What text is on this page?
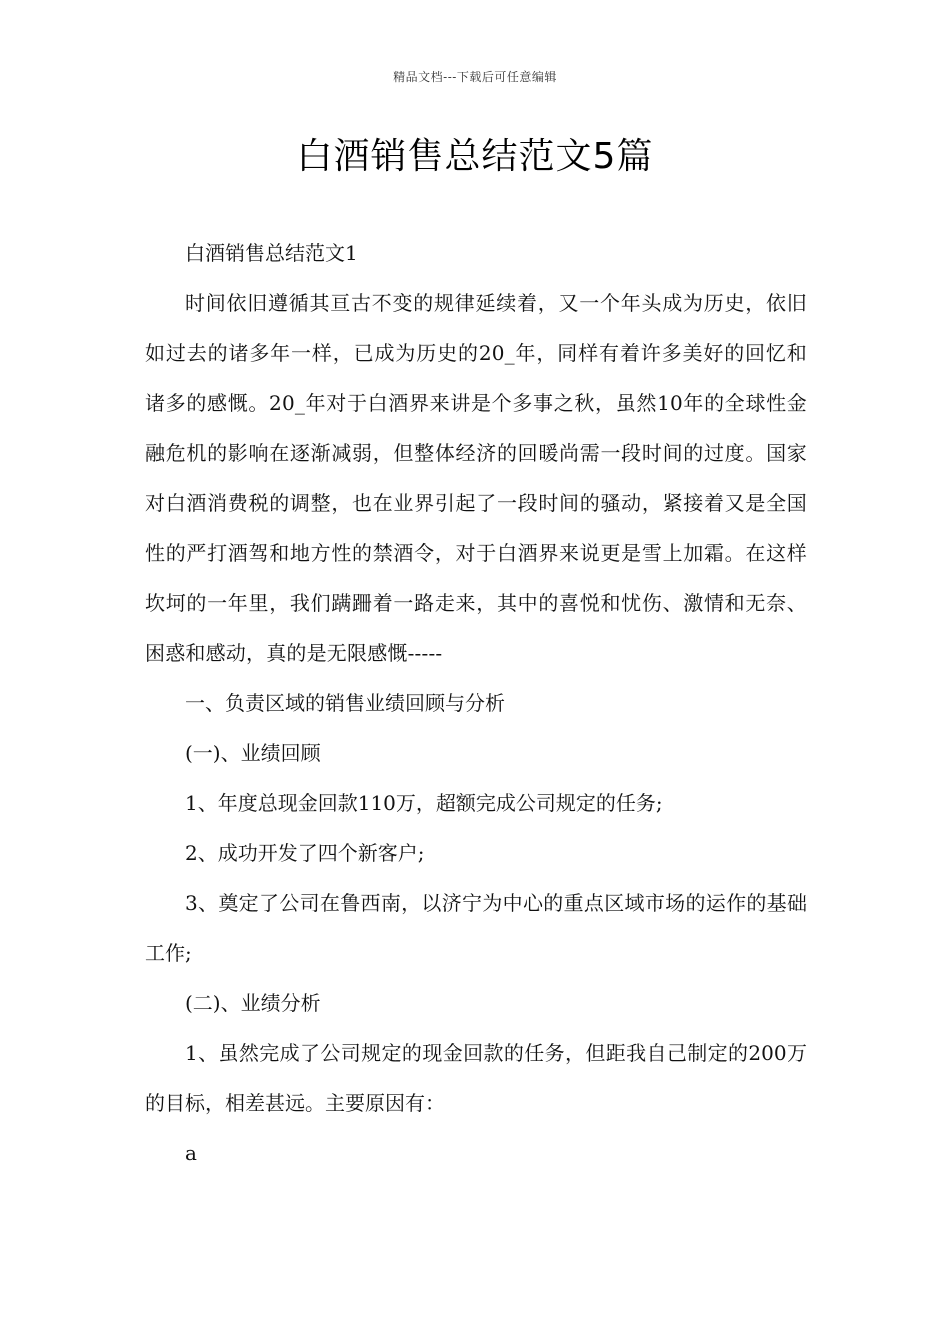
精品文档---下载后可任意编辑
白酒销售总结范文5篇

白酒销售总结范文1

时间依旧遵循其亘古不变的规律延续着，又一个年头成为历史，依旧如过去的诸多年一样，已成为历史的20_年，同样有着许多美好的回忆和诸多的感慨。20_年对于白酒界来讲是个多事之秋，虽然10年的全球性金融危机的影响在逐渐减弱，但整体经济的回暖尚需一段时间的过度。国家对白酒消费税的调整，也在业界引起了一段时间的骚动，紧接着又是全国性的严打酒驾和地方性的禁酒令，对于白酒界来说更是雪上加霜。在这样坎坷的一年里，我们蹒跚着一路走来，其中的喜悦和忧伤、激情和无奈、困惑和感动，真的是无限感慨-----

一、负责区域的销售业绩回顾与分析

(一)、业绩回顾

1、年度总现金回款110万，超额完成公司规定的任务;

2、成功开发了四个新客户;

3、奠定了公司在鲁西南，以济宁为中心的重点区域市场的运作的基础工作;

(二)、业绩分析

1、虽然完成了公司规定的现金回款的任务，但距我自己制定的200万的目标，相差甚远。主要原因有：

a
